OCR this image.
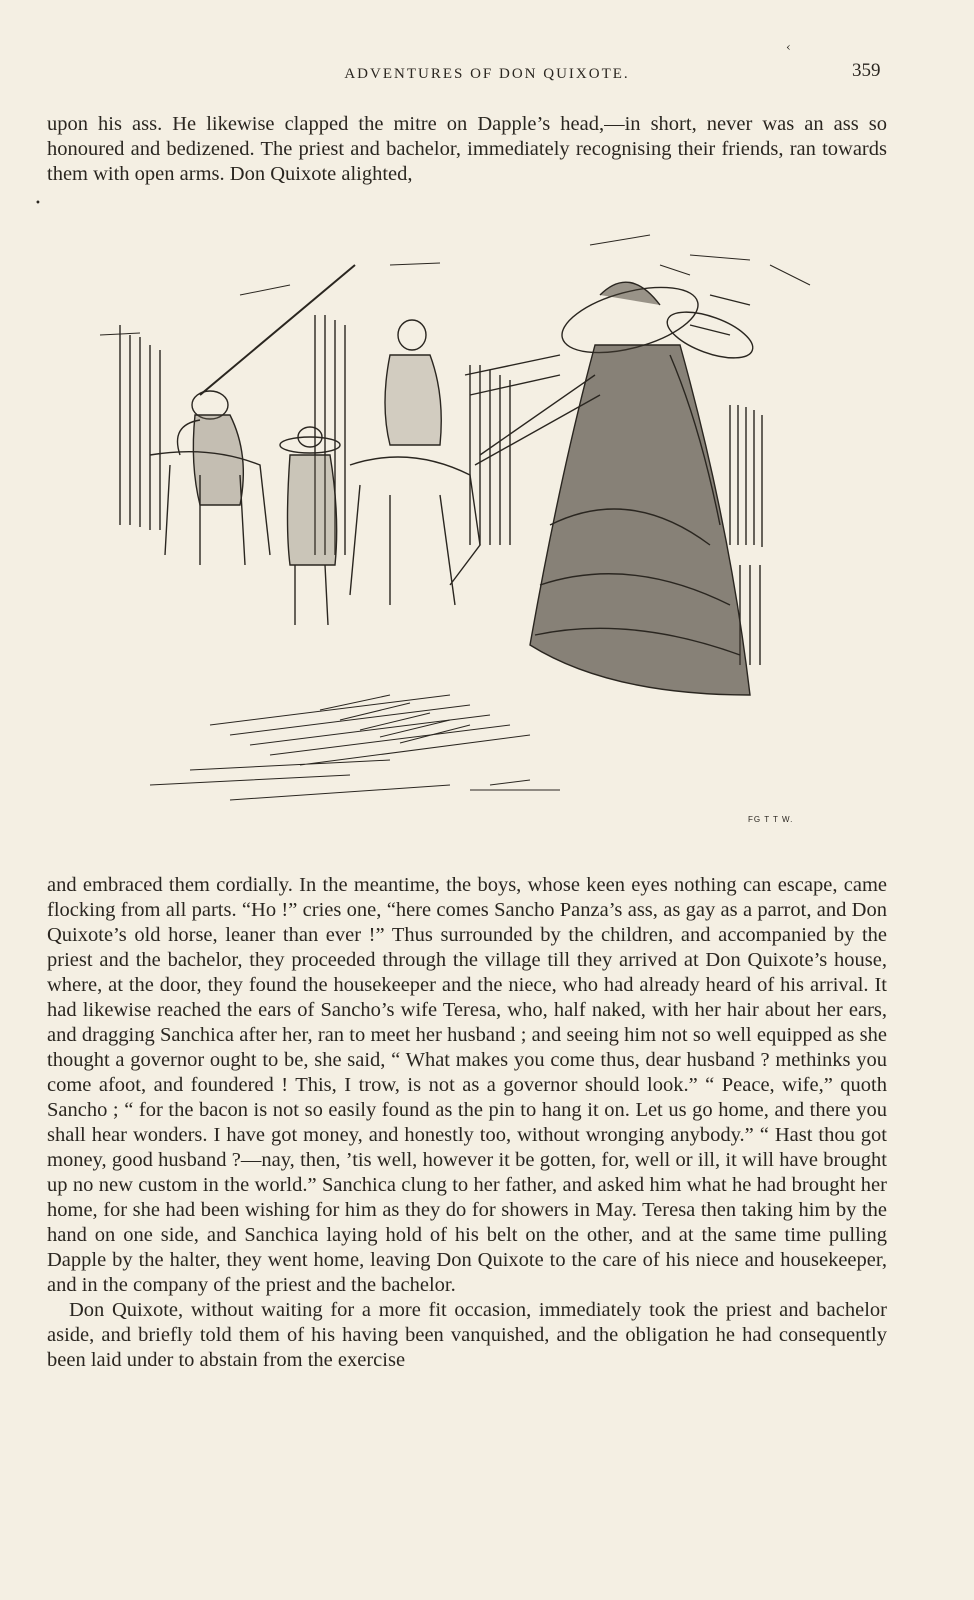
‹
ADVENTURES OF DON QUIXOTE.	359

upon his ass. He likewise clapped the mitre on Dapple’s head,—in short, never was an ass so honoured and bedizened. The priest and bachelor, immediately recognising their friends, ran towards them with open arms. Don Quixote alighted,

•
FG T T W.

and embraced them cordially. In the meantime, the boys, whose keen eyes nothing can escape, came flocking from all parts. “Ho !” cries one, “here comes Sancho Panza’s ass, as gay as a parrot, and Don Quixote’s old horse, leaner than ever !” Thus surrounded by the children, and accompanied by the priest and the bachelor, they proceeded through the village till they arrived at Don Quixote’s house, where, at the door, they found the housekeeper and the niece, who had already heard of his arrival. It had likewise reached the ears of Sancho’s wife Teresa, who, half naked, with her hair about her ears, and dragging Sanchica after her, ran to meet her husband ; and seeing him not so well equipped as she thought a governor ought to be, she said, “ What makes you come thus, dear husband ? methinks you come afoot, and foundered ! This, I trow, is not as a governor should look.” “ Peace, wife,” quoth Sancho ; “ for the bacon is not so easily found as the pin to hang it on. Let us go home, and there you shall hear wonders. I have got money, and honestly too, without wronging anybody.” “ Hast thou got money, good husband ?—nay, then, ’tis well, however it be gotten, for, well or ill, it will have brought up no new custom in the world.” Sanchica clung to her father, and asked him what he had brought her home, for she had been wishing for him as they do for showers in May. Teresa then taking him by the hand on one side, and Sanchica laying hold of his belt on the other, and at the same time pulling Dapple by the halter, they went home, leaving Don Quixote to the care of his niece and housekeeper, and in the company of the priest and the bachelor.

Don Quixote, without waiting for a more fit occasion, immediately took the priest and bachelor aside, and briefly told them of his having been vanquished, and the obligation he had consequently been laid under to abstain from the exercise
